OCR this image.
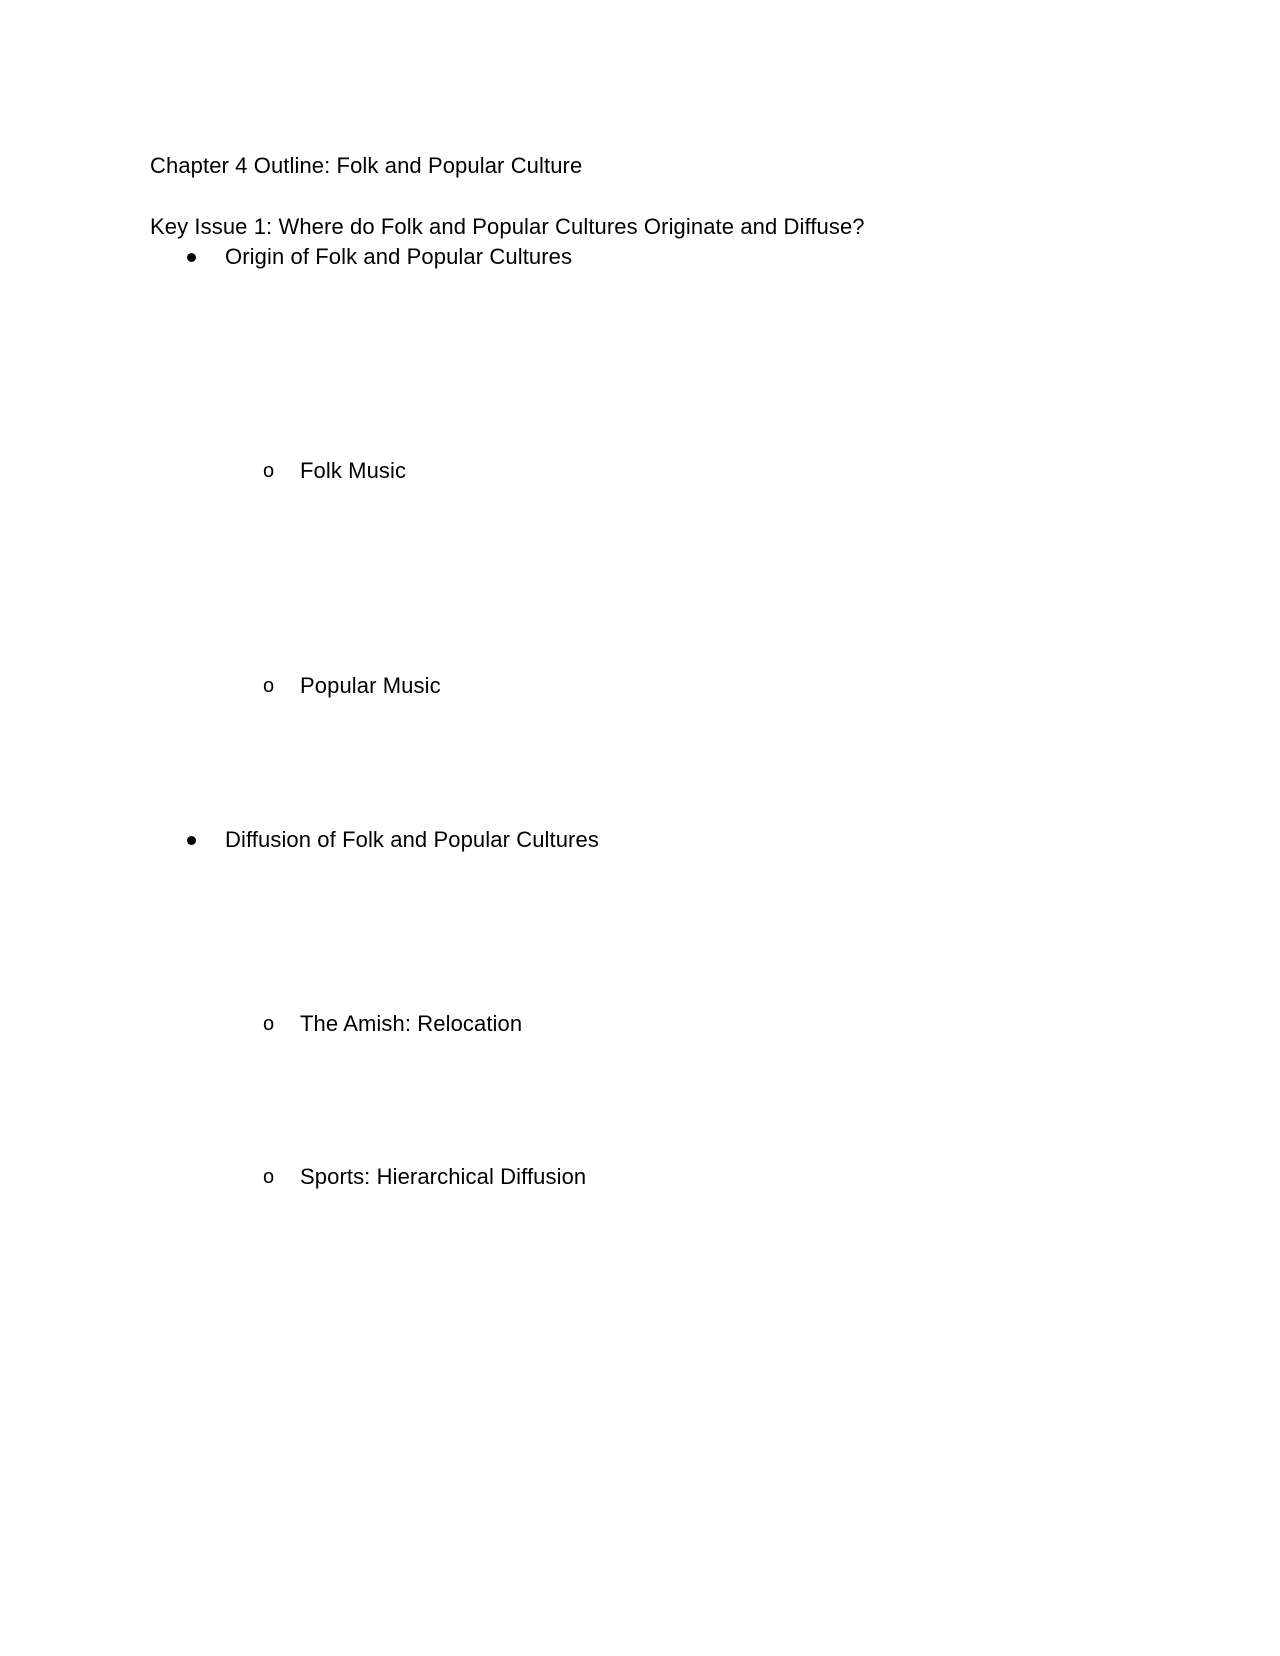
Chapter 4 Outline: Folk and Popular Culture
Key Issue 1: Where do Folk and Popular Cultures Originate and Diffuse?
Origin of Folk and Popular Cultures
o Folk Music
o Popular Music
Diffusion of Folk and Popular Cultures
o The Amish: Relocation
o Sports: Hierarchical Diffusion
